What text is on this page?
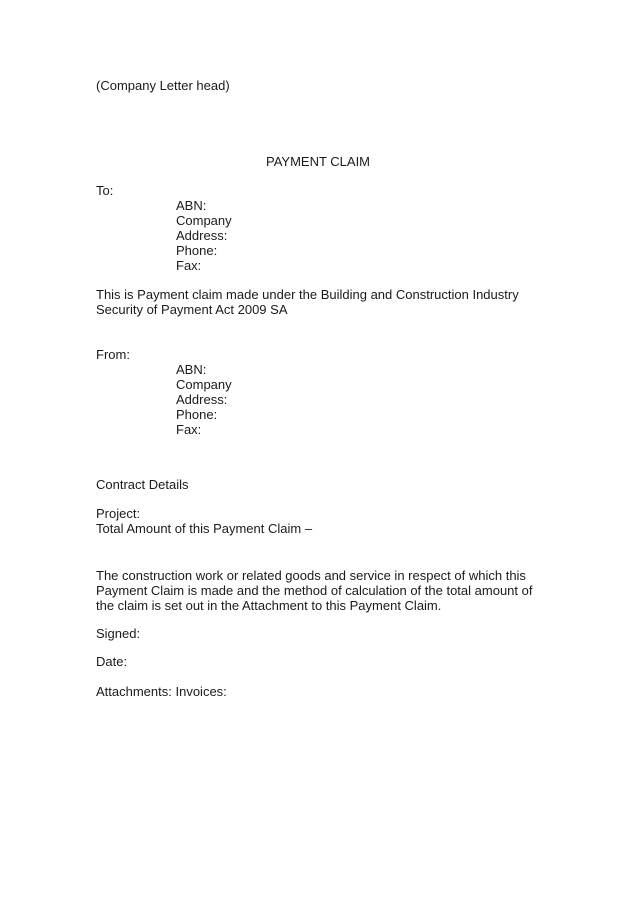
(Company Letter head)
PAYMENT CLAIM
To:
ABN:
Company
Address:
Phone:
Fax:
This is Payment claim made under the Building and Construction Industry
Security of Payment Act 2009 SA
From:
ABN:
Company
Address:
Phone:
Fax:
Contract Details
Project:
Total Amount of this Payment Claim –
The construction work or related goods and service in respect of which this
Payment Claim is made and the method of calculation of the total amount of
the claim is set out in the Attachment to this Payment Claim.
Signed:
Date:
Attachments: Invoices:
